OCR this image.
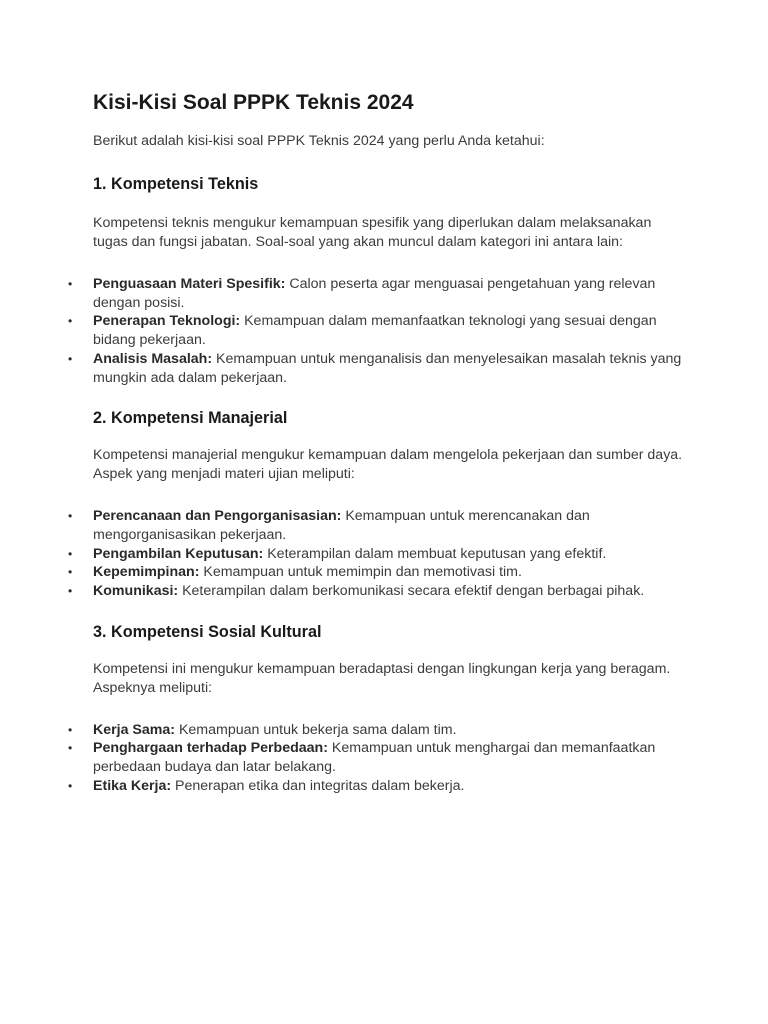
Kisi-Kisi Soal PPPK Teknis 2024

Berikut adalah kisi-kisi soal PPPK Teknis 2024 yang perlu Anda ketahui:

1. Kompetensi Teknis

Kompetensi teknis mengukur kemampuan spesifik yang diperlukan dalam melaksanakan tugas dan fungsi jabatan. Soal-soal yang akan muncul dalam kategori ini antara lain:

• Penguasaan Materi Spesifik: Calon peserta agar menguasai pengetahuan yang relevan dengan posisi.
• Penerapan Teknologi: Kemampuan dalam memanfaatkan teknologi yang sesuai dengan bidang pekerjaan.
• Analisis Masalah: Kemampuan untuk menganalisis dan menyelesaikan masalah teknis yang mungkin ada dalam pekerjaan.
2. Kompetensi Manajerial

Kompetensi manajerial mengukur kemampuan dalam mengelola pekerjaan dan sumber daya. Aspek yang menjadi materi ujian meliputi:

• Perencanaan dan Pengorganisasian: Kemampuan untuk merencanakan dan mengorganisasikan pekerjaan.
• Pengambilan Keputusan: Keterampilan dalam membuat keputusan yang efektif.
• Kepemimpinan: Kemampuan untuk memimpin dan memotivasi tim.
• Komunikasi: Keterampilan dalam berkomunikasi secara efektif dengan berbagai pihak.
3. Kompetensi Sosial Kultural

Kompetensi ini mengukur kemampuan beradaptasi dengan lingkungan kerja yang beragam. Aspeknya meliputi:

• Kerja Sama: Kemampuan untuk bekerja sama dalam tim.
• Penghargaan terhadap Perbedaan: Kemampuan untuk menghargai dan memanfaatkan perbedaan budaya dan latar belakang.
• Etika Kerja: Penerapan etika dan integritas dalam bekerja.
